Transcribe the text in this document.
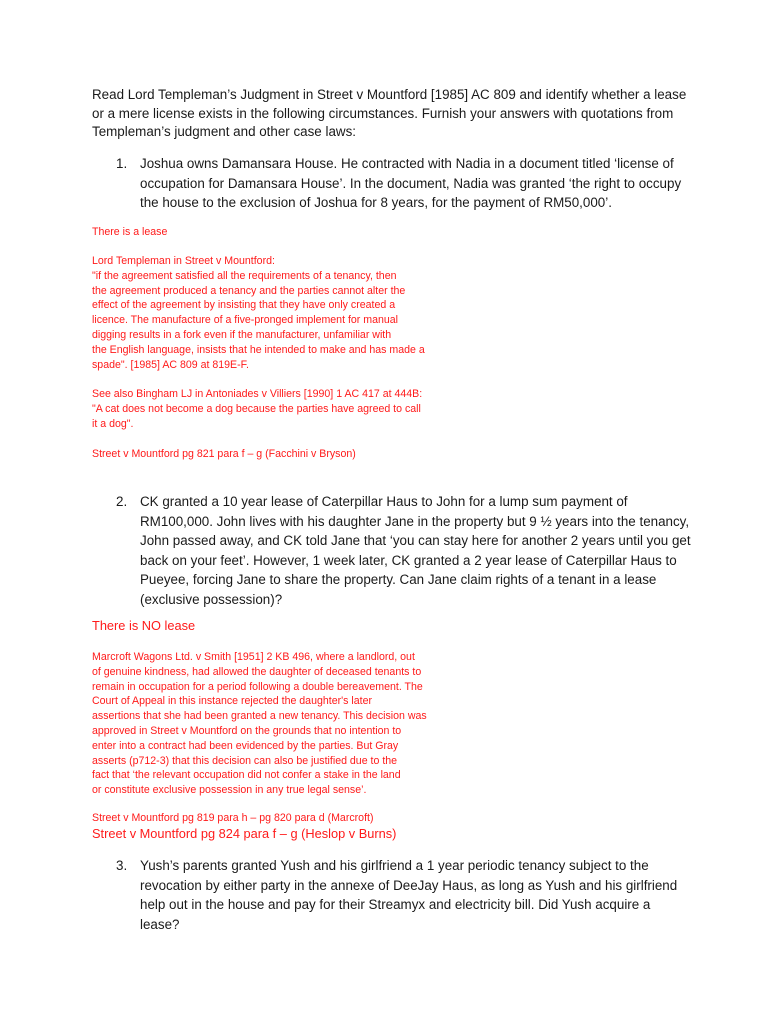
Read Lord Templeman’s Judgment in Street v Mountford [1985] AC 809 and identify whether a lease
or a mere license exists in the following circumstances. Furnish your answers with quotations from
Templeman’s judgment and other case laws:
1. Joshua owns Damansara House. He contracted with Nadia in a document titled ‘license of
occupation for Damansara House’. In the document, Nadia was granted ‘the right to occupy
the house to the exclusion of Joshua for 8 years, for the payment of RM50,000’.
There is a lease
Lord Templeman in Street v Mountford:
"if the agreement satisfied all the requirements of a tenancy, then
the agreement produced a tenancy and the parties cannot alter the
effect of the agreement by insisting that they have only created a
licence. The manufacture of a five-pronged implement for manual
digging results in a fork even if the manufacturer, unfamiliar with
the English language, insists that he intended to make and has made a
spade". [1985] AC 809 at 819E-F.
See also Bingham LJ in Antoniades v Villiers [1990] 1 AC 417 at 444B:
"A cat does not become a dog because the parties have agreed to call
it a dog".
Street v Mountford pg 821 para f – g (Facchini v Bryson)
2. CK granted a 10 year lease of Caterpillar Haus to John for a lump sum payment of
RM100,000. John lives with his daughter Jane in the property but 9 ½ years into the tenancy,
John passed away, and CK told Jane that ‘you can stay here for another 2 years until you get
back on your feet’. However, 1 week later, CK granted a 2 year lease of Caterpillar Haus to
Pueyee, forcing Jane to share the property. Can Jane claim rights of a tenant in a lease
(exclusive possession)?
There is NO lease
Marcroft Wagons Ltd. v Smith [1951] 2 KB 496, where a landlord, out
of genuine kindness, had allowed the daughter of deceased tenants to
remain in occupation for a period following a double bereavement. The
Court of Appeal in this instance rejected the daughter's later
assertions that she had been granted a new tenancy. This decision was
approved in Street v Mountford on the grounds that no intention to
enter into a contract had been evidenced by the parties. But Gray
asserts (p712-3) that this decision can also be justified due to the
fact that ‘the relevant occupation did not confer a stake in the land
or constitute exclusive possession in any true legal sense’.
Street v Mountford pg 819 para h – pg 820 para d (Marcroft)
Street v Mountford pg 824 para f – g (Heslop v Burns)
3. Yush’s parents granted Yush and his girlfriend a 1 year periodic tenancy subject to the
revocation by either party in the annexe of DeeJay Haus, as long as Yush and his girlfriend
help out in the house and pay for their Streamyx and electricity bill. Did Yush acquire a
lease?
